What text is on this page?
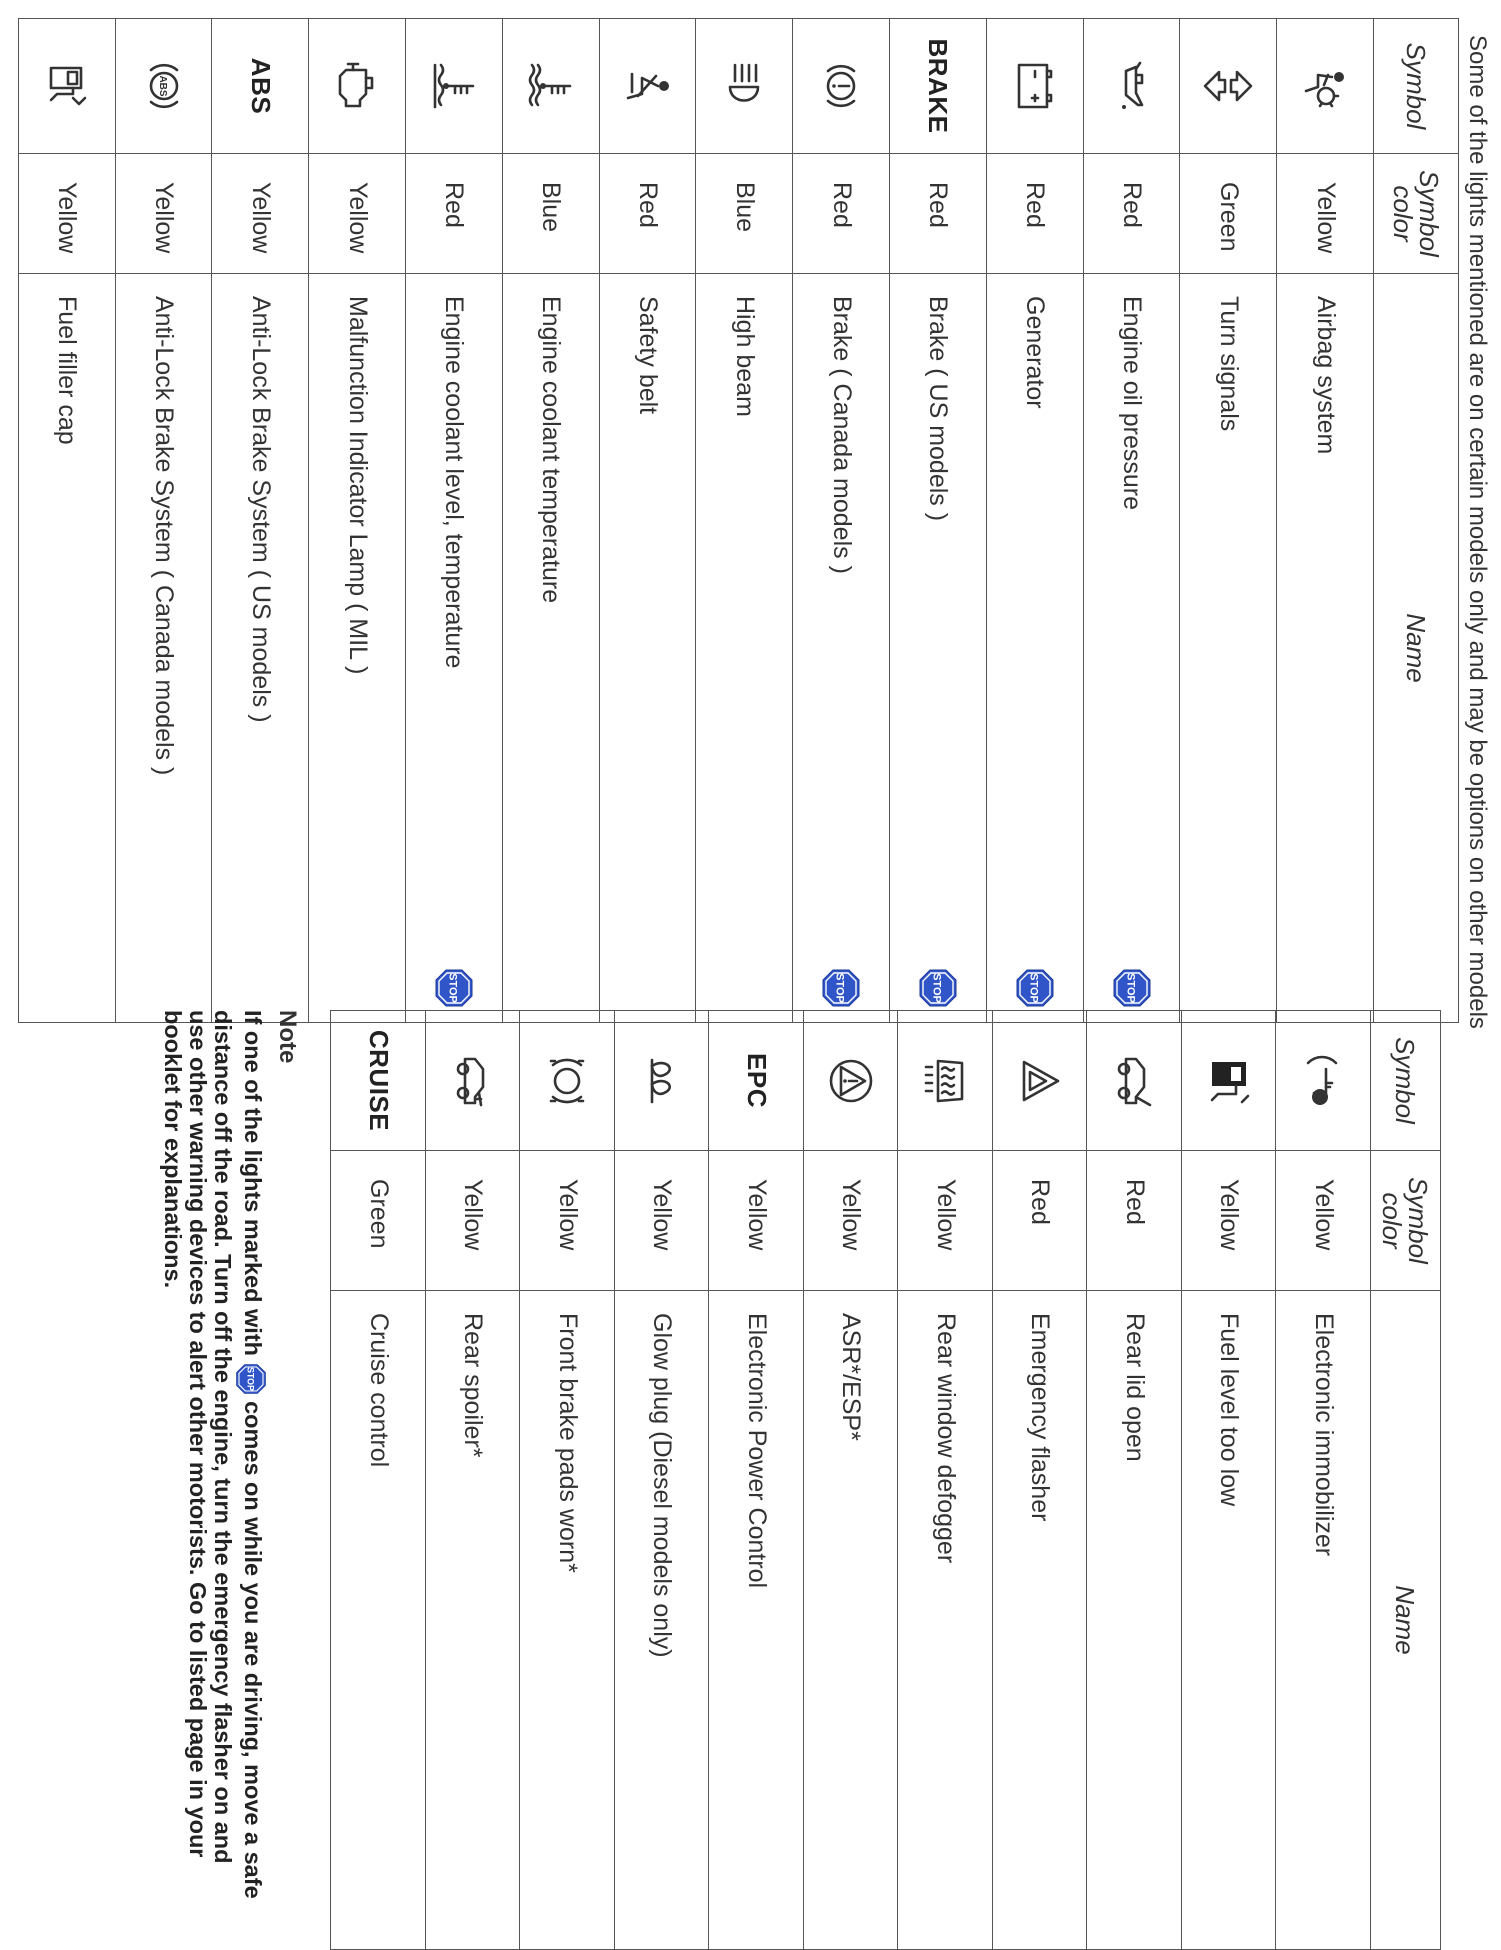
Some of the lights mentioned are on certain models only and may be options on other models
Symbol	Symbol color	Name

	Yellow	Airbag system

	Green	Turn signals

	Red	Engine oil pressure
STOP

	Red	Generator
STOP

BRAKE	Red	Brake ( US models )
STOP

	Red	Brake ( Canada models )
STOP

	Blue	High beam

	Red	Safety belt

	Blue	Engine coolant temperature

	Red	Engine coolant level, temperature
STOP

	Yellow	Malfunction Indicator Lamp ( MIL )
ABS	Yellow	Anti-Lock Brake System ( US models )

ABS	Yellow	Anti-Lock Brake System ( Canada models )

	Yellow	Fuel filler cap
Symbol	Symbol color	Name

	Yellow	Electronic immobilizer

	Yellow	Fuel level too low

	Red	Rear lid open

	Red	Emergency flasher

	Yellow	Rear window defogger

	Yellow	ASR*/ESP*
EPC	Yellow	Electronic Power Control

	Yellow	Glow plug (Diesel models only)

	Yellow	Front brake pads worn*

	Yellow	Rear spoiler*
CRUISE	Green	Cruise control
Note
If one of the lights marked with
STOP
comes on while you are driving, move a safe distance off the road. Turn off the engine, turn the emergency flasher on and use other warning devices to alert other motorists. Go to listed page in your booklet for explanations.
